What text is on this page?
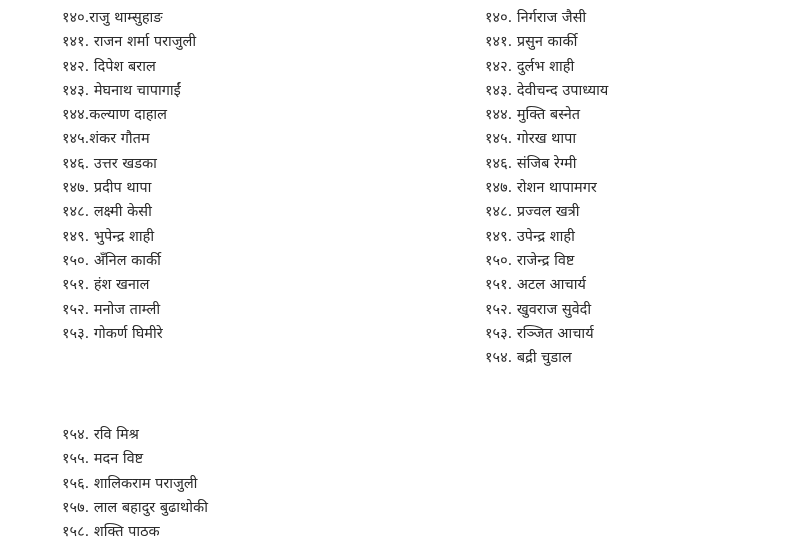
१४०.राजु थाम्सुहाङ
१४१. राजन शर्मा पराजुली
१४२. दिपेश बराल
१४३. मेघनाथ चापागाईं
१४४.कल्याण दाहाल
१४५.शंकर गौतम
१४६. उत्तर खडका
१४७. प्रदीप थापा
१४८. लक्ष्मी केसी
१४९. भुपेन्द्र शाही
१५०. अँनिल कार्की
१५१. हंश खनाल
१५२. मनोज ताम्ली
१५३. गोकर्ण घिमीरे
१४०. निर्गराज जैसी
१४१. प्रसुन कार्की
१४२. दुर्लभ शाही
१४३. देवीचन्द उपाध्याय
१४४. मुक्ति बस्नेत
१४५. गोरख थापा
१४६. संजिब रेग्मी
१४७. रोशन थापामगर
१४८. प्रज्वल खत्री
१४९. उपेन्द्र शाही
१५०. राजेन्द्र विष्ट
१५१. अटल आचार्य
१५२. खुवराज सुवेदी
१५३. रञ्जित आचार्य
१५४. बद्री चुडाल
१५४. रवि मिश्र
१५५. मदन विष्ट
१५६. शालिकराम पराजुली
१५७. लाल बहादुर बुढाथोकी
१५८. शक्ति पाठक
